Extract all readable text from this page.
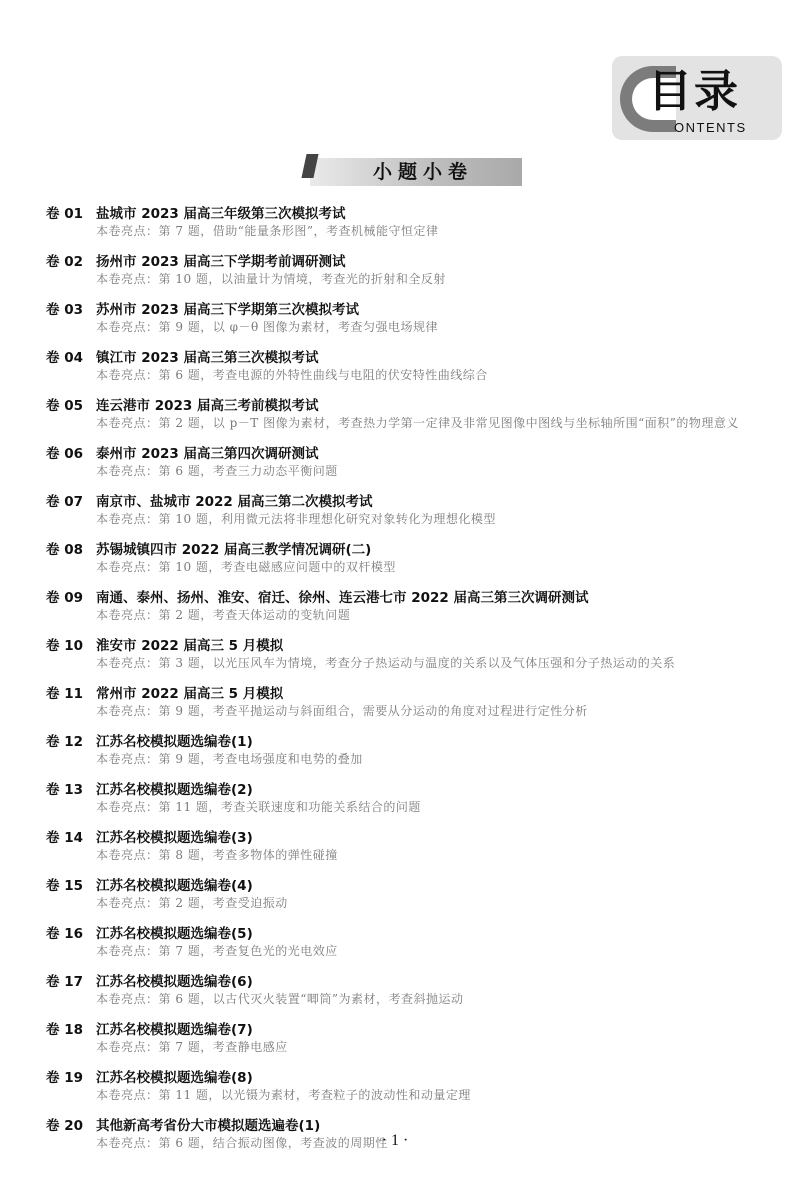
目录
ONTENTS
小题小卷
卷 01 盐城市 2023 届高三年级第三次模拟考试
本卷亮点：第 7 题，借助“能量条形图”，考查机械能守恒定律
卷 02 扬州市 2023 届高三下学期考前调研测试
本卷亮点：第 10 题，以油量计为情境，考查光的折射和全反射
卷 03 苏州市 2023 届高三下学期第三次模拟考试
本卷亮点：第 9 题，以 φ－θ 图像为素材，考查匀强电场规律
卷 04 镇江市 2023 届高三第三次模拟考试
本卷亮点：第 6 题，考查电源的外特性曲线与电阻的伏安特性曲线综合
卷 05 连云港市 2023 届高三考前模拟考试
本卷亮点：第 2 题，以 p－T 图像为素材，考查热力学第一定律及非常见图像中图线与坐标轴所围“面积”的物理意义
卷 06 泰州市 2023 届高三第四次调研测试
本卷亮点：第 6 题，考查三力动态平衡问题
卷 07 南京市、盐城市 2022 届高三第二次模拟考试
本卷亮点：第 10 题，利用微元法将非理想化研究对象转化为理想化模型
卷 08 苏锡城镇四市 2022 届高三教学情况调研(二)
本卷亮点：第 10 题，考查电磁感应问题中的双杆模型
卷 09 南通、泰州、扬州、淮安、宿迁、徐州、连云港七市 2022 届高三第三次调研测试
本卷亮点：第 2 题，考查天体运动的变轨问题
卷 10 淮安市 2022 届高三 5 月模拟
本卷亮点：第 3 题，以光压风车为情境，考查分子热运动与温度的关系以及气体压强和分子热运动的关系
卷 11 常州市 2022 届高三 5 月模拟
本卷亮点：第 9 题，考查平抛运动与斜面组合，需要从分运动的角度对过程进行定性分析
卷 12 江苏名校模拟题选编卷(1)
本卷亮点：第 9 题，考查电场强度和电势的叠加
卷 13 江苏名校模拟题选编卷(2)
本卷亮点：第 11 题，考查关联速度和功能关系结合的问题
卷 14 江苏名校模拟题选编卷(3)
本卷亮点：第 8 题，考查多物体的弹性碰撞
卷 15 江苏名校模拟题选编卷(4)
本卷亮点：第 2 题，考查受迫振动
卷 16 江苏名校模拟题选编卷(5)
本卷亮点：第 7 题，考查复色光的光电效应
卷 17 江苏名校模拟题选编卷(6)
本卷亮点：第 6 题，以古代灭火装置“唧筒”为素材，考查斜抛运动
卷 18 江苏名校模拟题选编卷(7)
本卷亮点：第 7 题，考查静电感应
卷 19 江苏名校模拟题选编卷(8)
本卷亮点：第 11 题，以光镊为素材，考查粒子的波动性和动量定理
卷 20 其他新高考省份大市模拟题选遍卷(1)
本卷亮点：第 6 题，结合振动图像，考查波的周期性
· 1 ·
